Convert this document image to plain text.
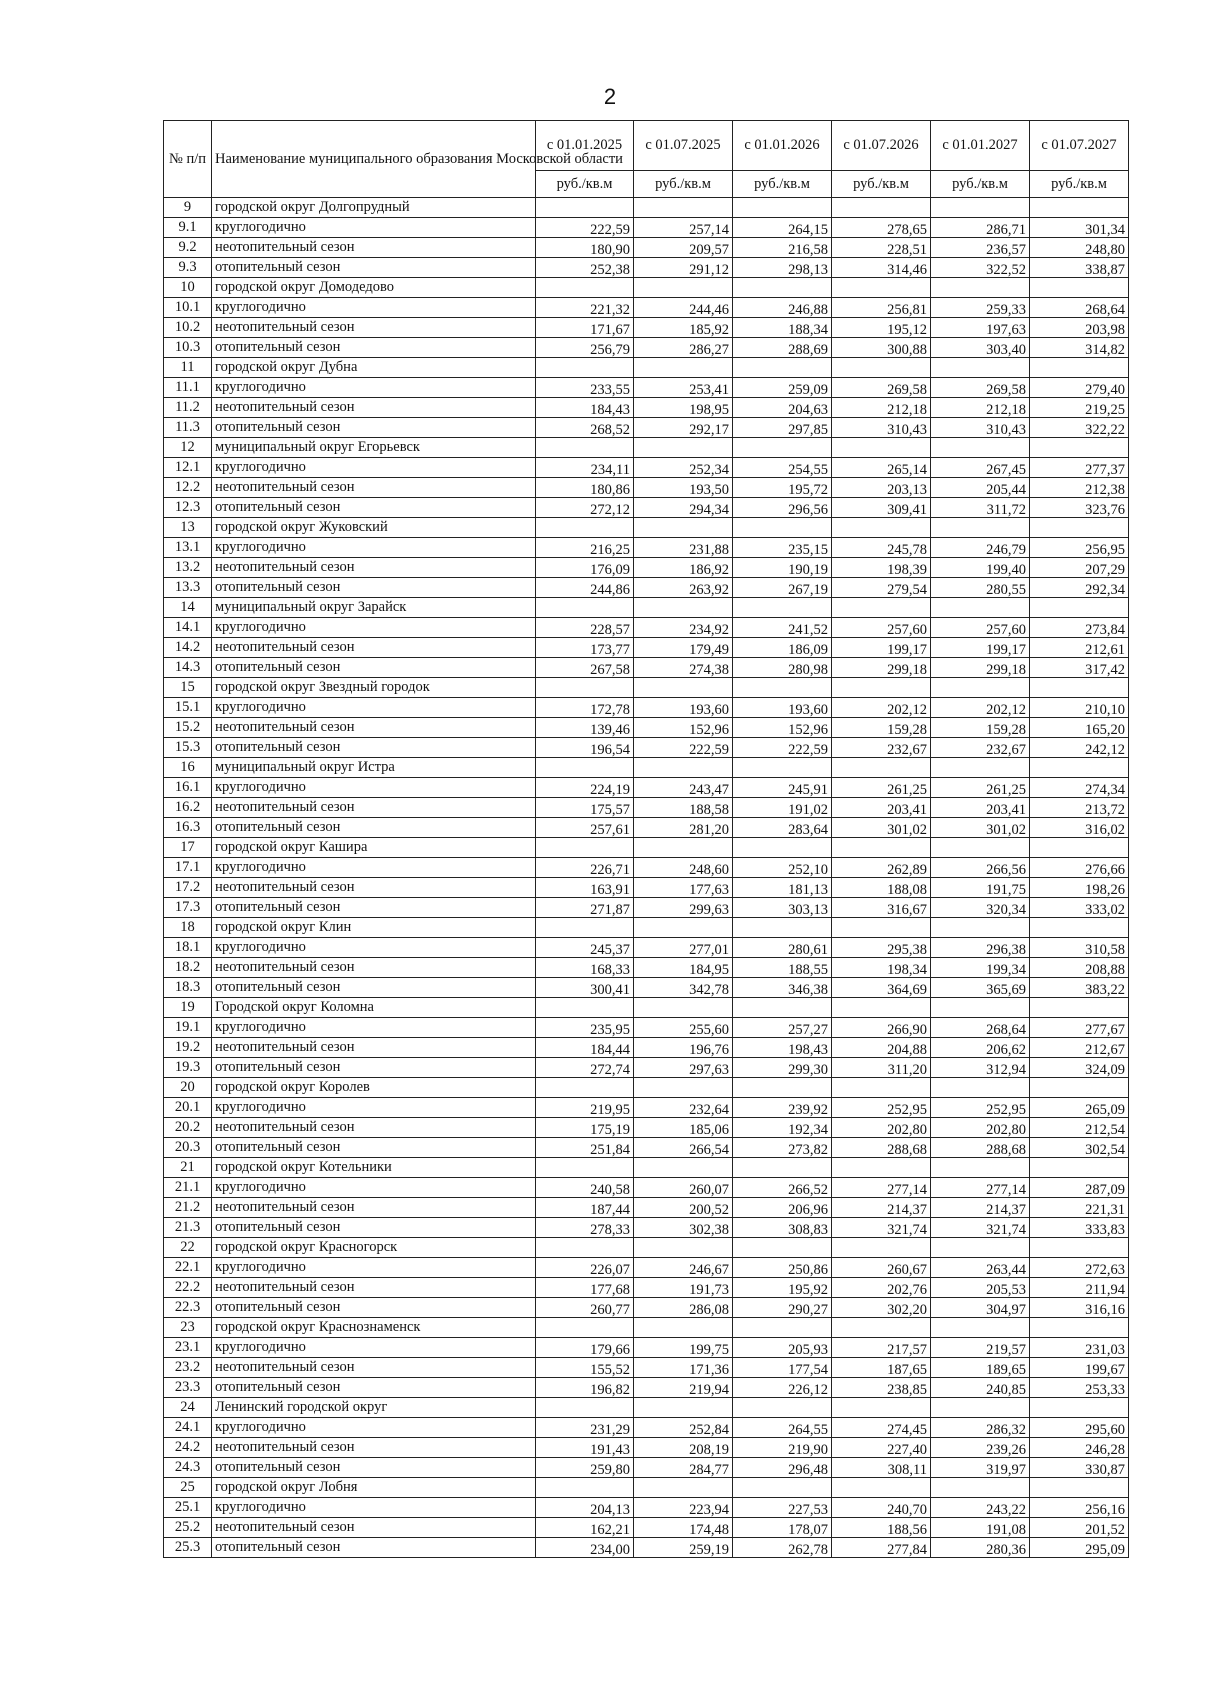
2
№ п/п	Наименование муниципального образования Московской области	с 01.01.2025	с 01.07.2025	с 01.01.2026	с 01.07.2026	с 01.01.2027	с 01.07.2027
		руб./кв.м	руб./кв.м	руб./кв.м	руб./кв.м	руб./кв.м	руб./кв.м
9	городской округ Долгопрудный						
9.1	круглогодично	222,59	257,14	264,15	278,65	286,71	301,34
9.2	неотопительный сезон	180,90	209,57	216,58	228,51	236,57	248,80
9.3	отопительный сезон	252,38	291,12	298,13	314,46	322,52	338,87
10	городской округ Домодедово						
10.1	круглогодично	221,32	244,46	246,88	256,81	259,33	268,64
10.2	неотопительный сезон	171,67	185,92	188,34	195,12	197,63	203,98
10.3	отопительный сезон	256,79	286,27	288,69	300,88	303,40	314,82
11	городской округ Дубна						
11.1	круглогодично	233,55	253,41	259,09	269,58	269,58	279,40
11.2	неотопительный сезон	184,43	198,95	204,63	212,18	212,18	219,25
11.3	отопительный сезон	268,52	292,17	297,85	310,43	310,43	322,22
12	муниципальный округ Егорьевск						
12.1	круглогодично	234,11	252,34	254,55	265,14	267,45	277,37
12.2	неотопительный сезон	180,86	193,50	195,72	203,13	205,44	212,38
12.3	отопительный сезон	272,12	294,34	296,56	309,41	311,72	323,76
13	городской округ Жуковский						
13.1	круглогодично	216,25	231,88	235,15	245,78	246,79	256,95
13.2	неотопительный сезон	176,09	186,92	190,19	198,39	199,40	207,29
13.3	отопительный сезон	244,86	263,92	267,19	279,54	280,55	292,34
14	муниципальный округ Зарайск						
14.1	круглогодично	228,57	234,92	241,52	257,60	257,60	273,84
14.2	неотопительный сезон	173,77	179,49	186,09	199,17	199,17	212,61
14.3	отопительный сезон	267,58	274,38	280,98	299,18	299,18	317,42
15	городской округ Звездный городок						
15.1	круглогодично	172,78	193,60	193,60	202,12	202,12	210,10
15.2	неотопительный сезон	139,46	152,96	152,96	159,28	159,28	165,20
15.3	отопительный сезон	196,54	222,59	222,59	232,67	232,67	242,12
16	муниципальный округ Истра						
16.1	круглогодично	224,19	243,47	245,91	261,25	261,25	274,34
16.2	неотопительный сезон	175,57	188,58	191,02	203,41	203,41	213,72
16.3	отопительный сезон	257,61	281,20	283,64	301,02	301,02	316,02
17	городской округ Кашира						
17.1	круглогодично	226,71	248,60	252,10	262,89	266,56	276,66
17.2	неотопительный сезон	163,91	177,63	181,13	188,08	191,75	198,26
17.3	отопительный сезон	271,87	299,63	303,13	316,67	320,34	333,02
18	городской округ Клин						
18.1	круглогодично	245,37	277,01	280,61	295,38	296,38	310,58
18.2	неотопительный сезон	168,33	184,95	188,55	198,34	199,34	208,88
18.3	отопительный сезон	300,41	342,78	346,38	364,69	365,69	383,22
19	Городской округ Коломна						
19.1	круглогодично	235,95	255,60	257,27	266,90	268,64	277,67
19.2	неотопительный сезон	184,44	196,76	198,43	204,88	206,62	212,67
19.3	отопительный сезон	272,74	297,63	299,30	311,20	312,94	324,09
20	городской округ Королев						
20.1	круглогодично	219,95	232,64	239,92	252,95	252,95	265,09
20.2	неотопительный сезон	175,19	185,06	192,34	202,80	202,80	212,54
20.3	отопительный сезон	251,84	266,54	273,82	288,68	288,68	302,54
21	городской округ Котельники						
21.1	круглогодично	240,58	260,07	266,52	277,14	277,14	287,09
21.2	неотопительный сезон	187,44	200,52	206,96	214,37	214,37	221,31
21.3	отопительный сезон	278,33	302,38	308,83	321,74	321,74	333,83
22	городской округ Красногорск						
22.1	круглогодично	226,07	246,67	250,86	260,67	263,44	272,63
22.2	неотопительный сезон	177,68	191,73	195,92	202,76	205,53	211,94
22.3	отопительный сезон	260,77	286,08	290,27	302,20	304,97	316,16
23	городской округ Краснознаменск						
23.1	круглогодично	179,66	199,75	205,93	217,57	219,57	231,03
23.2	неотопительный сезон	155,52	171,36	177,54	187,65	189,65	199,67
23.3	отопительный сезон	196,82	219,94	226,12	238,85	240,85	253,33
24	Ленинский городской округ						
24.1	круглогодично	231,29	252,84	264,55	274,45	286,32	295,60
24.2	неотопительный сезон	191,43	208,19	219,90	227,40	239,26	246,28
24.3	отопительный сезон	259,80	284,77	296,48	308,11	319,97	330,87
25	городской округ Лобня						
25.1	круглогодично	204,13	223,94	227,53	240,70	243,22	256,16
25.2	неотопительный сезон	162,21	174,48	178,07	188,56	191,08	201,52
25.3	отопительный сезон	234,00	259,19	262,78	277,84	280,36	295,09
